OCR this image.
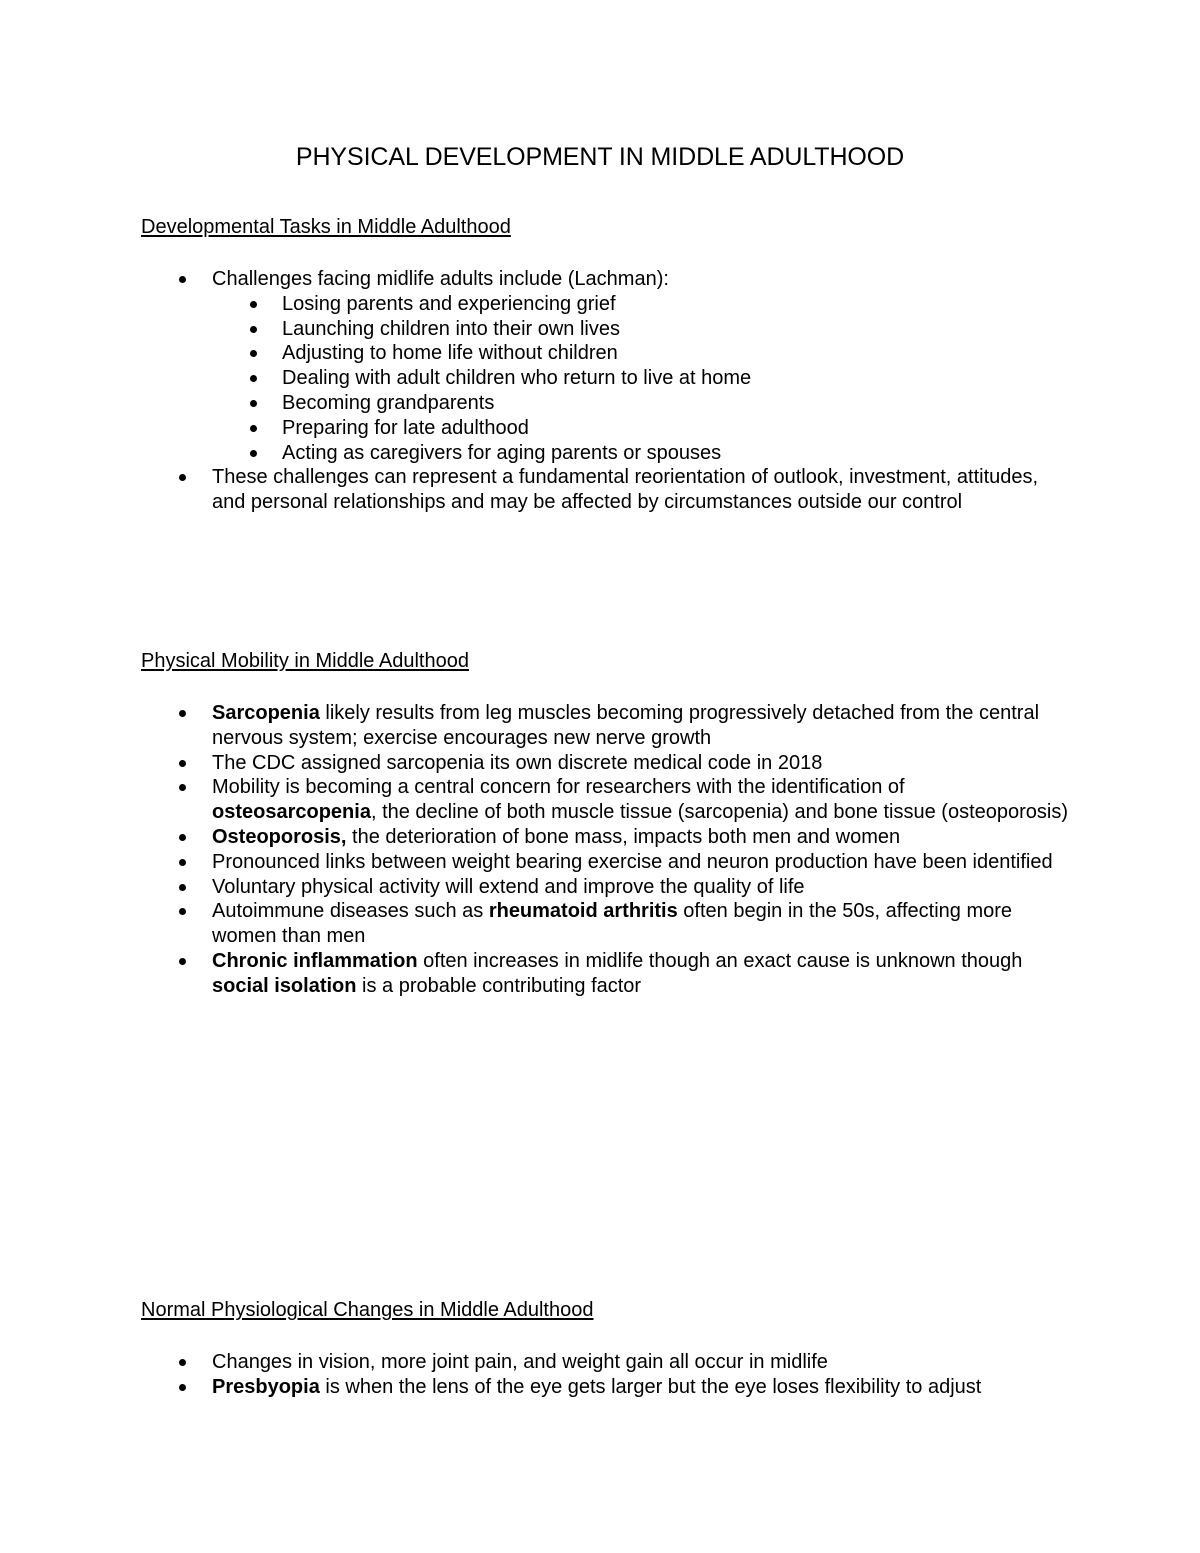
PHYSICAL DEVELOPMENT IN MIDDLE ADULTHOOD
Developmental Tasks in Middle Adulthood
Challenges facing midlife adults include (Lachman):
Losing parents and experiencing grief
Launching children into their own lives
Adjusting to home life without children
Dealing with adult children who return to live at home
Becoming grandparents
Preparing for late adulthood
Acting as caregivers for aging parents or spouses
These challenges can represent a fundamental reorientation of outlook, investment, attitudes, and personal relationships and may be affected by circumstances outside our control
Physical Mobility in Middle Adulthood
Sarcopenia likely results from leg muscles becoming progressively detached from the central nervous system; exercise encourages new nerve growth
The CDC assigned sarcopenia its own discrete medical code in 2018
Mobility is becoming a central concern for researchers with the identification of osteosarcopenia, the decline of both muscle tissue (sarcopenia) and bone tissue (osteoporosis)
Osteoporosis, the deterioration of bone mass, impacts both men and women
Pronounced links between weight bearing exercise and neuron production have been identified
Voluntary physical activity will extend and improve the quality of life
Autoimmune diseases such as rheumatoid arthritis often begin in the 50s, affecting more women than men
Chronic inflammation often increases in midlife though an exact cause is unknown though social isolation is a probable contributing factor
Normal Physiological Changes in Middle Adulthood
Changes in vision, more joint pain, and weight gain all occur in midlife
Presbyopia is when the lens of the eye gets larger but the eye loses flexibility to adjust
